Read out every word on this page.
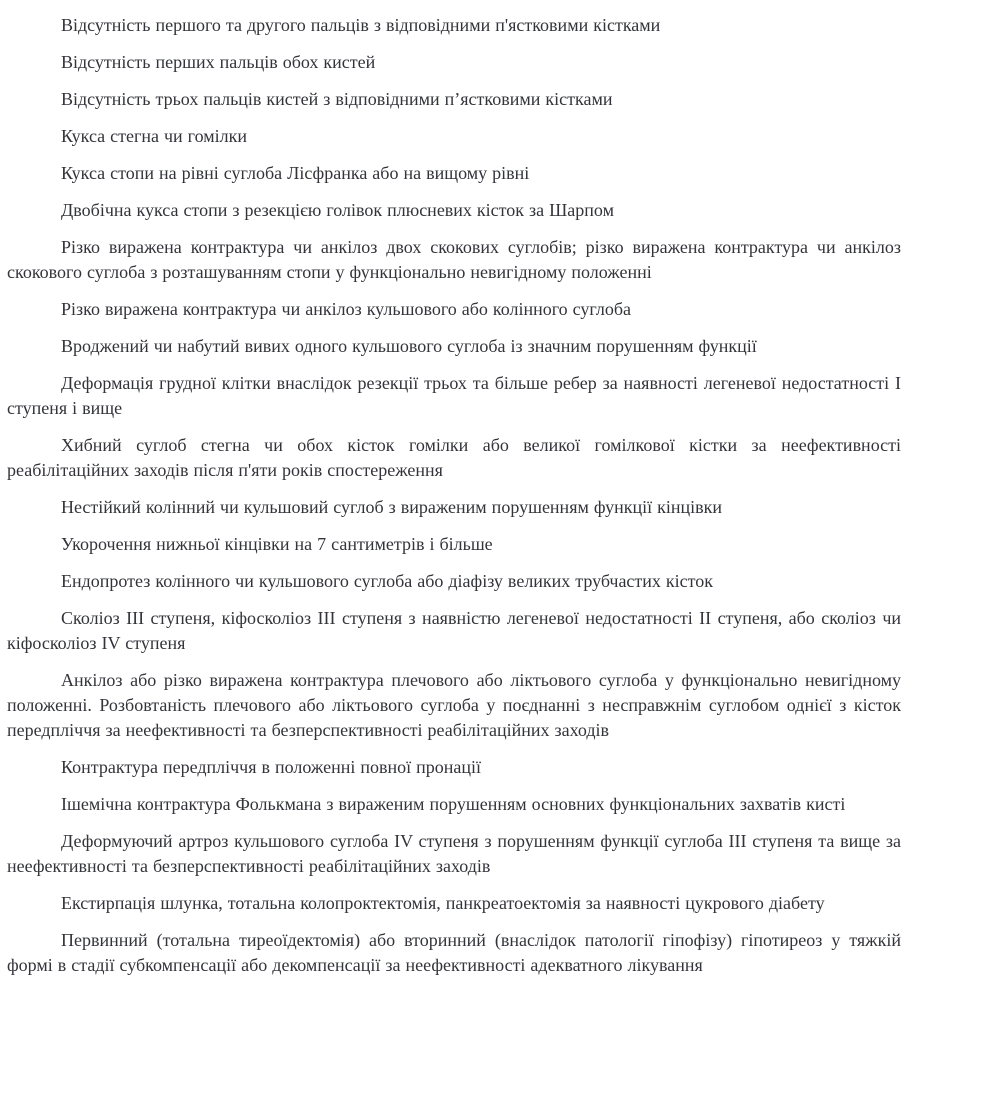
Відсутність першого та другого пальців з відповідними п'ястковими кістками

Відсутність перших пальців обох кистей

Відсутність трьох пальців кистей з відповідними п’ястковими кістками

Кукса стегна чи гомілки

Кукса стопи на рівні суглоба Лісфранка або на вищому рівні

Двобічна кукса стопи з резекцією голівок плюсневих кісток за Шарпом

Різко виражена контрактура чи анкілоз двох скокових суглобів; різко виражена контрактура чи анкілоз скокового суглоба з розташуванням стопи у функціонально невигідному положенні

Різко виражена контрактура чи анкілоз кульшового або колінного суглоба

Вроджений чи набутий вивих одного кульшового суглоба із значним порушенням функції

Деформація грудної клітки внаслідок резекції трьох та більше ребер за наявності легеневої недостатності I ступеня і вище

Хибний суглоб стегна чи обох кісток гомілки або великої гомілкової кістки за неефективності реабілітаційних заходів після п'яти років спостереження

Нестійкий колінний чи кульшовий суглоб з вираженим порушенням функції кінцівки

Укорочення нижньої кінцівки на 7 сантиметрів і більше

Ендопротез колінного чи кульшового суглоба або діафізу великих трубчастих кісток

Сколіоз III ступеня, кіфосколіоз III ступеня з наявністю легеневої недостатності II ступеня, або сколіоз чи кіфосколіоз IV ступеня

Анкілоз або різко виражена контрактура плечового або ліктьового суглоба у функціонально невигідному положенні. Розбовтаність плечового або ліктьового суглоба у поєднанні з несправжнім суглобом однієї з кісток передпліччя за неефективності та безперспективності реабілітаційних заходів

Контрактура передпліччя в положенні повної пронації

Ішемічна контрактура Фолькмана з вираженим порушенням основних функціональних захватів кисті

Деформуючий артроз кульшового суглоба IV ступеня з порушенням функції суглоба III ступеня та вище за неефективності та безперспективності реабілітаційних заходів

Екстирпація шлунка, тотальна колопроктектомія, панкреатоектомія за наявності цукрового діабету

Первинний (тотальна тиреоїдектомія) або вторинний (внаслідок патології гіпофізу) гіпотиреоз у тяжкій формі в стадії субкомпенсації або декомпенсації за неефективності адекватного лікування
